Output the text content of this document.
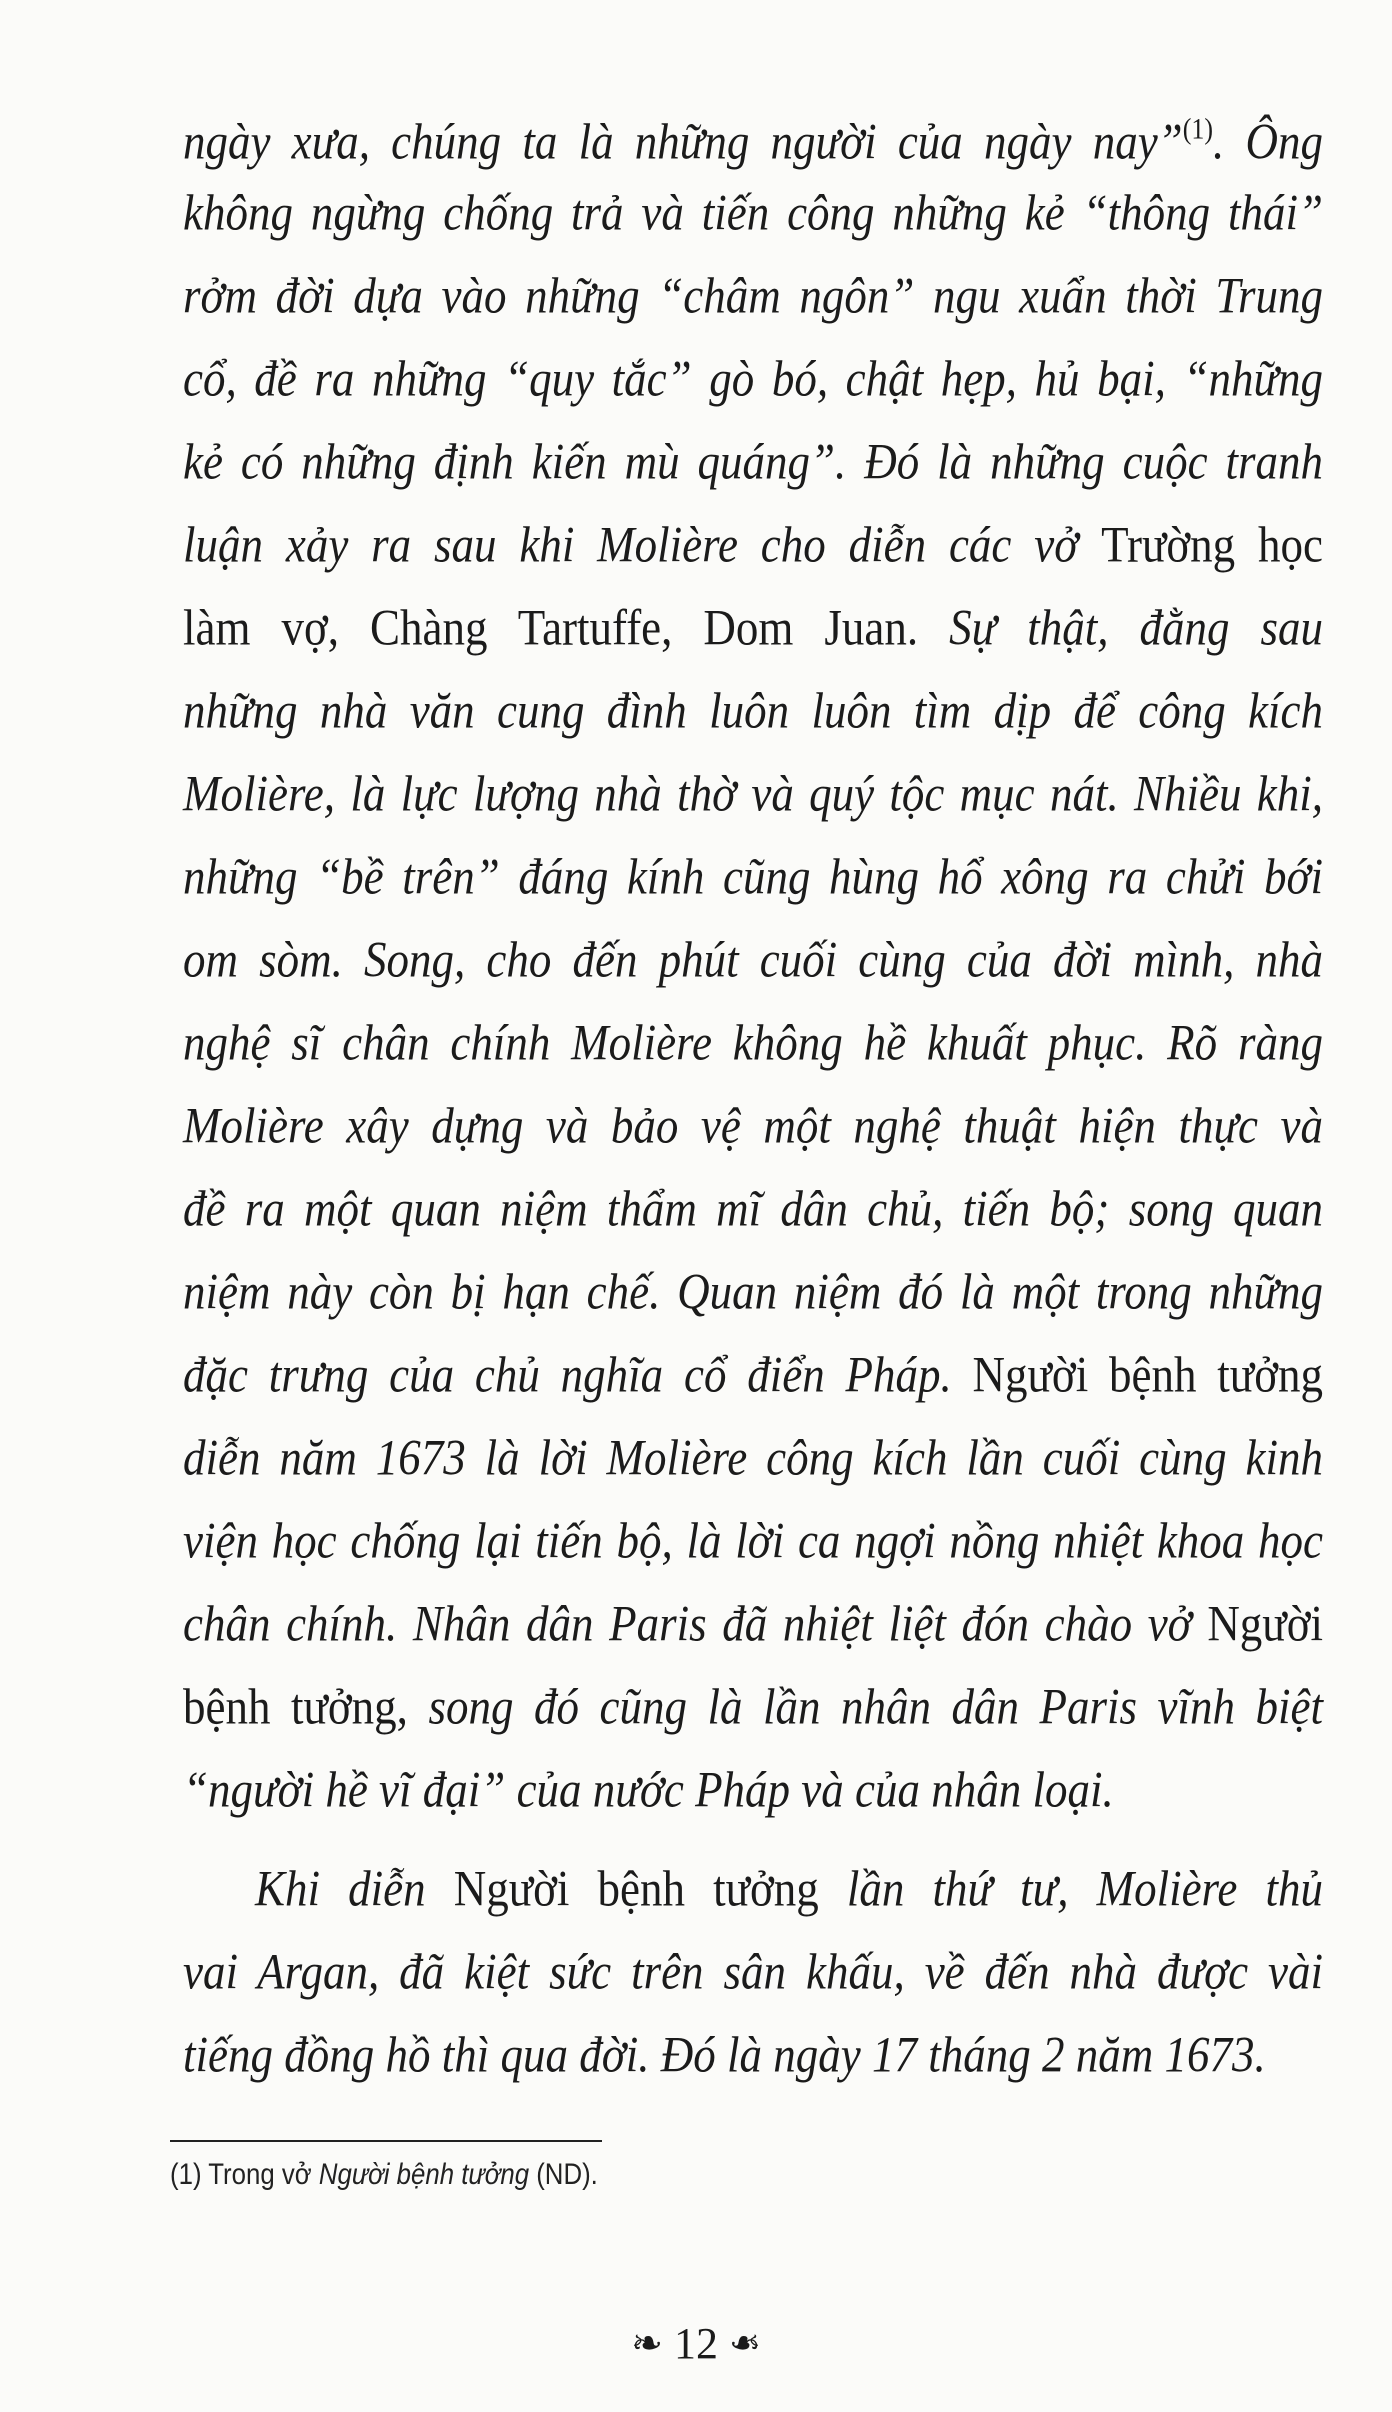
ngày xưa, chúng ta là những người của ngày nay”$^{(1)}$. Ông
không ngừng chống trả và tiến công những kẻ “thông thái”
rởm đời dựa vào những “châm ngôn” ngu xuẩn thời Trung
cổ, đề ra những “quy tắc” gò bó, chật hẹp, hủ bại, “những
kẻ có những định kiến mù quáng”. Đó là những cuộc tranh
luận xảy ra sau khi Molière cho diễn các vở Trường học
làm vợ, Chàng Tartuffe, Dom Juan. Sự thật, đằng sau
những nhà văn cung đình luôn luôn tìm dịp để công kích
Molière, là lực lượng nhà thờ và quý tộc mục nát. Nhiều khi,
những “bề trên” đáng kính cũng hùng hổ xông ra chửi bới
om sòm. Song, cho đến phút cuối cùng của đời mình, nhà
nghệ sĩ chân chính Molière không hề khuất phục. Rõ ràng
Molière xây dựng và bảo vệ một nghệ thuật hiện thực và
đề ra một quan niệm thẩm mĩ dân chủ, tiến bộ; song quan
niệm này còn bị hạn chế. Quan niệm đó là một trong những
đặc trưng của chủ nghĩa cổ điển Pháp. Người bệnh tưởng
diễn năm 1673 là lời Molière công kích lần cuối cùng kinh
viện học chống lại tiến bộ, là lời ca ngợi nồng nhiệt khoa học
chân chính. Nhân dân Paris đã nhiệt liệt đón chào vở Người
bệnh tưởng, song đó cũng là lần nhân dân Paris vĩnh biệt
“người hề vĩ đại” của nước Pháp và của nhân loại.
Khi diễn Người bệnh tưởng lần thứ tư, Molière thủ
vai Argan, đã kiệt sức trên sân khấu, về đến nhà được vài
tiếng đồng hồ thì qua đời. Đó là ngày 17 tháng 2 năm 1673.
(1) Trong vở Người bệnh tưởng (ND).
❧ 12 ❧
